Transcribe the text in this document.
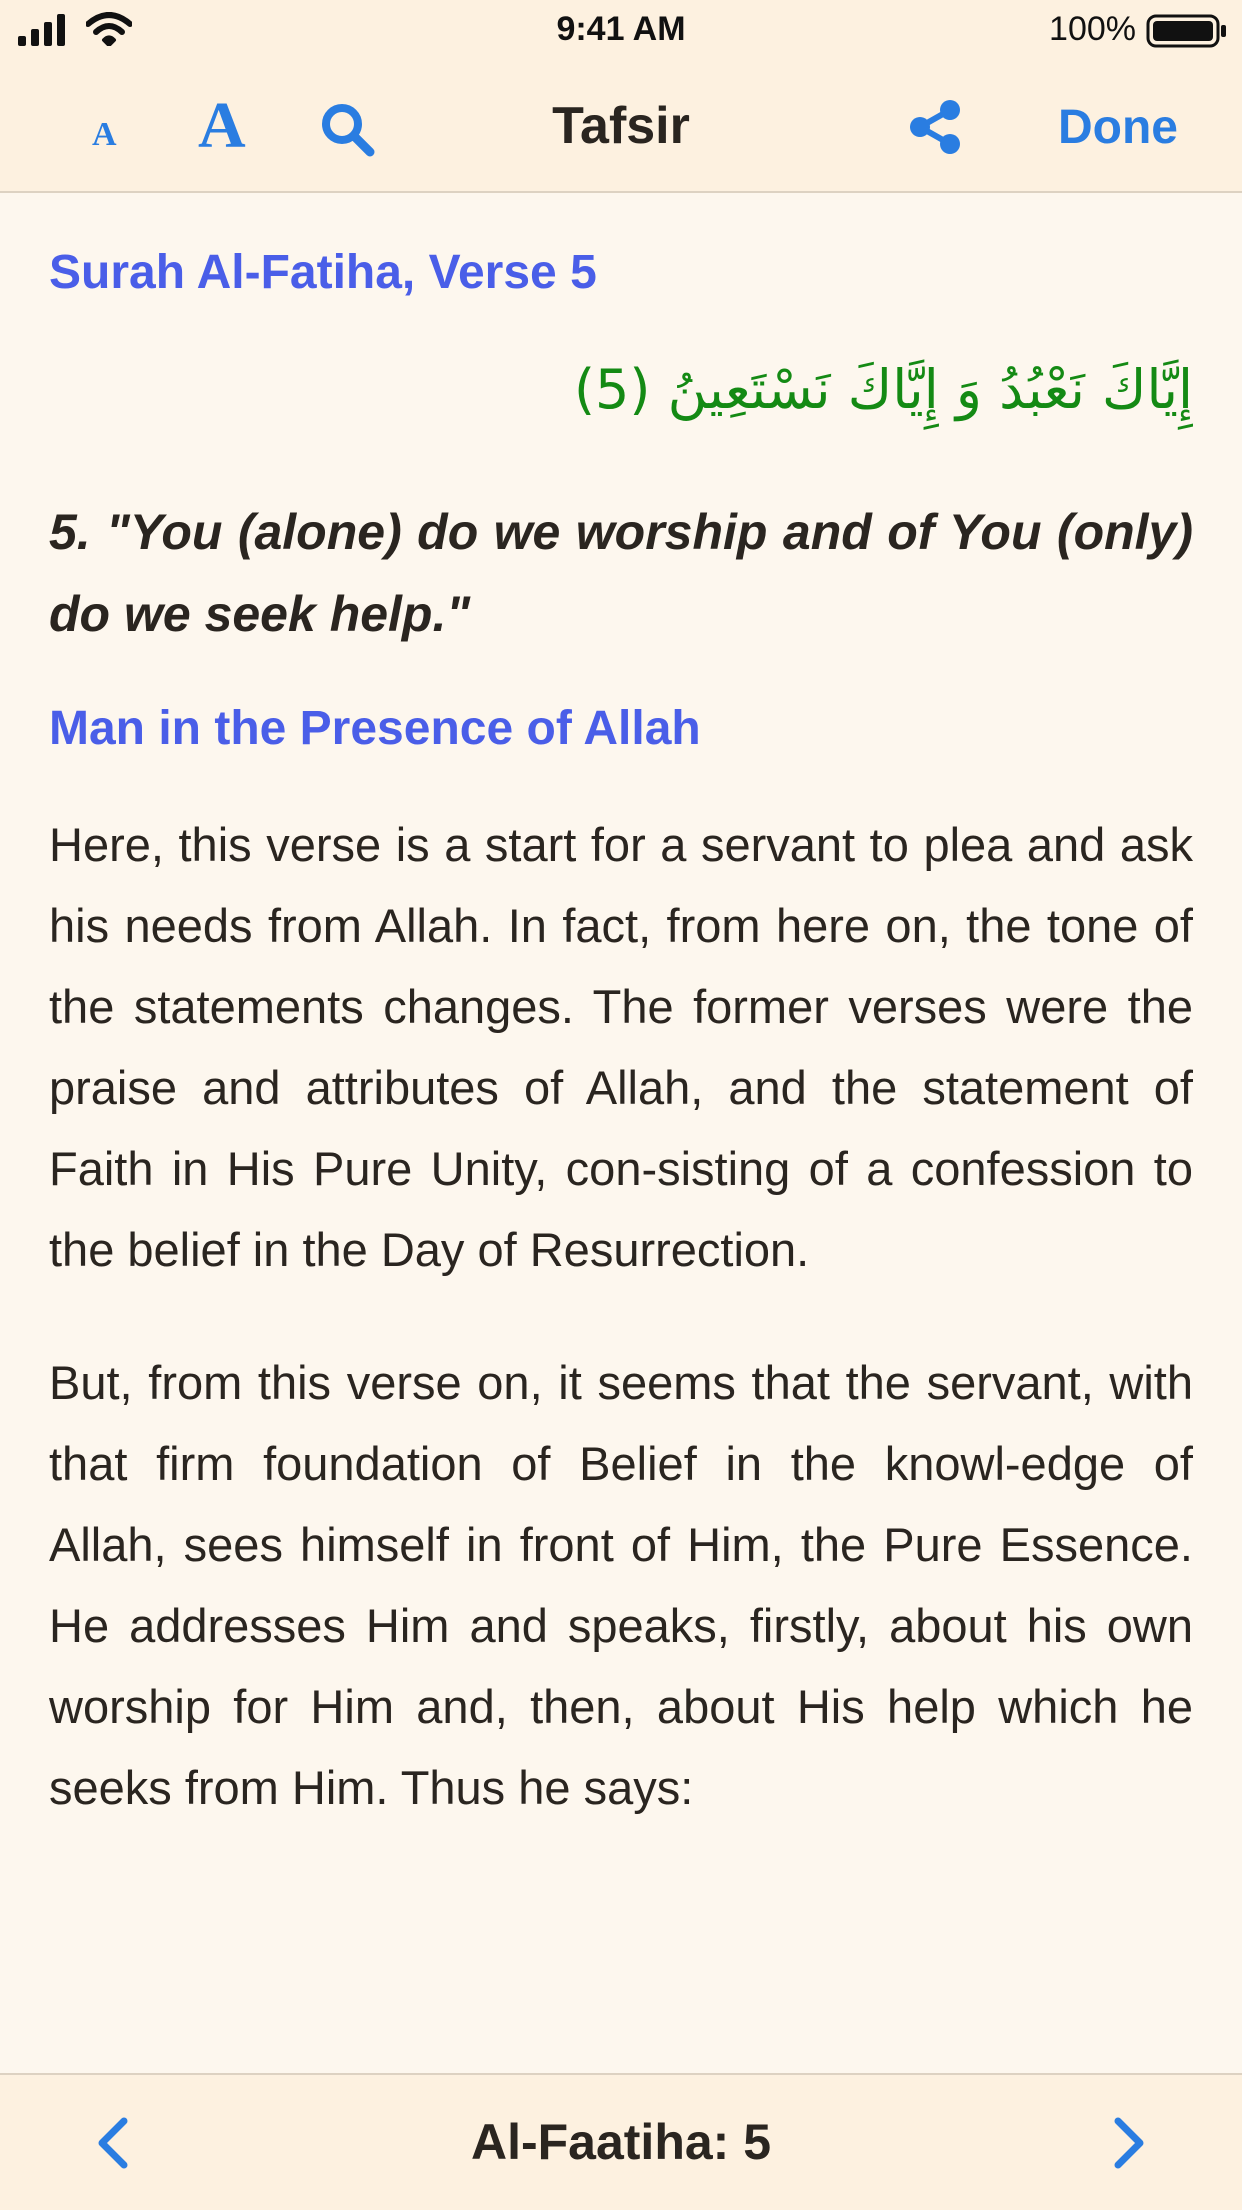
9:41 AM	100%
A A	Tafsir	Done
Surah Al-Fatiha, Verse 5
إِيَّاكَ نَعْبُدُ وَ إِيَّاكَ نَسْتَعِينُ (5)
5. "You (alone) do we worship and of You (only) do we seek help."
Man in the Presence of Allah

Here, this verse is a start for a servant to plea and ask his needs from Allah. In fact, from here on, the tone of the statements changes. The former verses were the praise and attributes of Allah, and the statement of Faith in His Pure Unity, con-sisting of a confession to the belief in the Day of Resurrection.

But, from this verse on, it seems that the servant, with that firm foundation of Belief in the knowl-edge of Allah, sees himself in front of Him, the Pure Essence. He addresses Him and speaks, firstly, about his own worship for Him and, then, about His help which he seeks from Him. Thus he says:

Al-Faatiha: 5
